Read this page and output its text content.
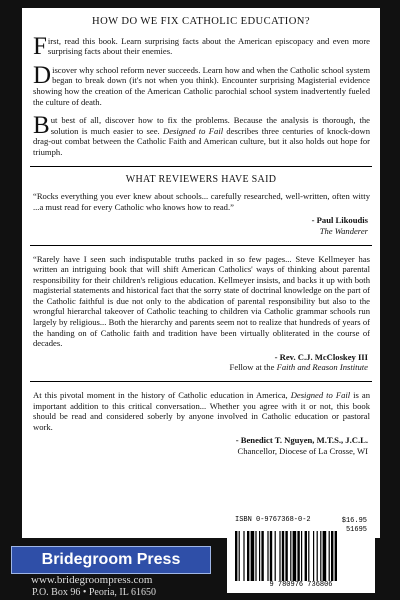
HOW DO WE FIX CATHOLIC EDUCATION?

First, read this book. Learn surprising facts about the American episcopacy and even more surprising facts about their enemies.

Discover why school reform never succeeds. Learn how and when the Catholic school system began to break down (it's not when you think). Encounter surprising Magisterial evidence showing how the creation of the American Catholic parochial school system inadvertently fueled the culture of death.

But best of all, discover how to fix the problems. Because the analysis is thorough, the solution is much easier to see. Designed to Fail describes three centuries of knock-down drag-out combat between the Catholic Faith and American culture, but it also holds out hope for triumph.

WHAT REVIEWERS HAVE SAID

“Rocks everything you ever knew about schools... carefully researched, well-written, often witty ...a must read for every Catholic who knows how to read.”

- Paul Likoudis
The Wanderer

“Rarely have I seen such indisputable truths packed in so few pages... Steve Kellmeyer has written an intriguing book that will shift American Catholics' ways of thinking about parental responsibility for their children's religious education. Kellmeyer insists, and backs it up with both magisterial statements and historical fact that the sorry state of doctrinal knowledge on the part of the Catholic faithful is due not only to the abdication of parental responsibility but also to the wrongful hierarchal takeover of Catholic teaching to children via Catholic grammar schools run largely by religious... Both the hierarchy and parents seem not to realize that hundreds of years of the handing on of Catholic faith and tradition have been virtually obliterated in the course of decades.

- Rev. C.J. McCloskey III
Fellow at the Faith and Reason Institute

At this pivotal moment in the history of Catholic education in America, Designed to Fail is an important addition to this critical conversation... Whether you agree with it or not, this book should be read and considered soberly by anyone involved in Catholic education or pastoral work.

- Benedict T. Nguyen, M.T.S., J.C.L.
Chancellor, Diocese of La Crosse, WI
Bridegroom Press
www.bridegroompress.com
P.O. Box 96 • Peoria, IL 61650
ISBN 0-9767368-0-2	$16.95
51695
9 780976 736806
